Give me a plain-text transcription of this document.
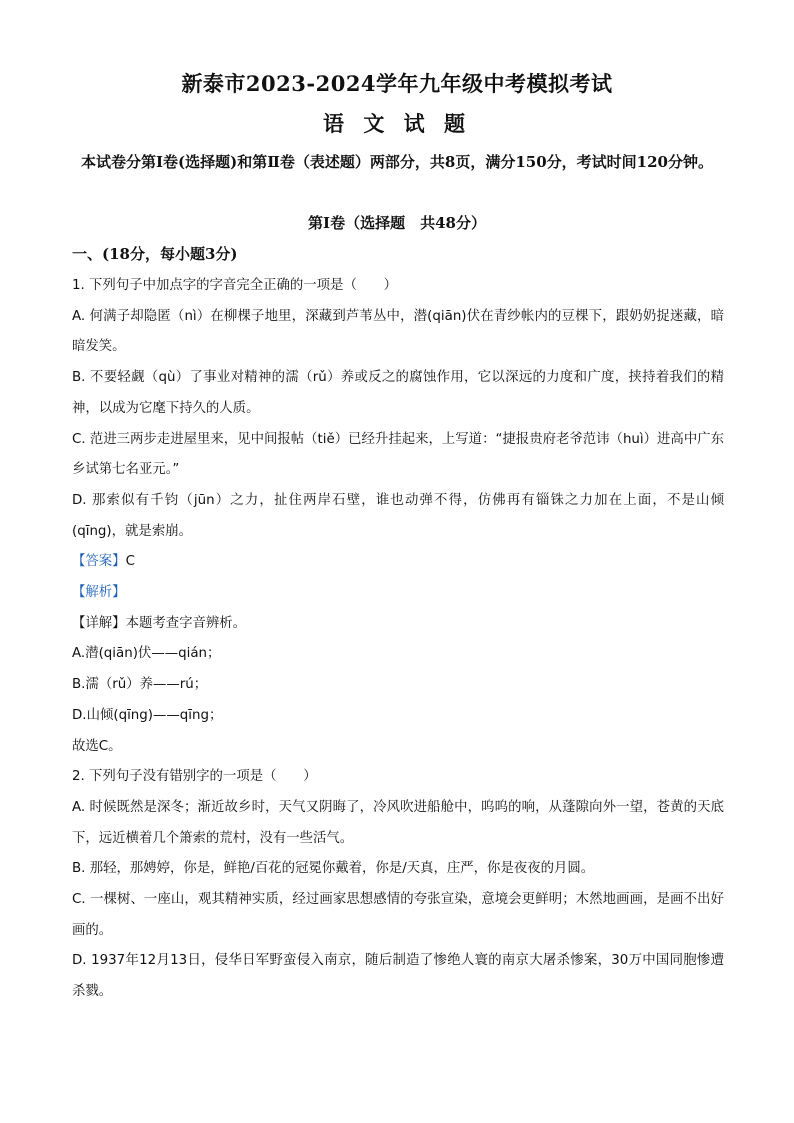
新泰市2023-2024学年九年级中考模拟考试
语 文 试 题
本试卷分第Ⅰ卷(选择题)和第Ⅱ卷（表述题）两部分，共8页，满分150分，考试时间120分钟。
第Ⅰ卷（选择题　共48分）
一、(18分，每小题3分)

1. 下列句子中加点字的字音完全正确的一项是（　　）

A. 何满子却隐匿（nì）在柳棵子地里，深藏到芦苇丛中，潜(qiān)伏在青纱帐内的豆棵下，跟奶奶捉迷藏，暗暗发笑。

B. 不要轻觑（qù）了事业对精神的濡（rǔ）养或反之的腐蚀作用，它以深远的力度和广度，挟持着我们的精神，以成为它麾下持久的人质。

C. 范进三两步走进屋里来，见中间报帖（tiě）已经升挂起来，上写道：“捷报贵府老爷范讳（huì）进高中广东乡试第七名亚元。”

D. 那索似有千钧（jūn）之力，扯住两岸石壁，谁也动弹不得，仿佛再有锱铢之力加在上面，不是山倾(qīng)，就是索崩。

【答案】C

【解析】

【详解】本题考查字音辨析。

A.潜(qiān)伏——qián；

B.濡（rǔ）养——rú；

D.山倾(qīng)——qīng；

故选C。

2. 下列句子没有错别字的一项是（　　）

A. 时候既然是深冬；渐近故乡时，天气又阴晦了，冷风吹进船舱中，呜呜的响，从蓬隙向外一望，苍黄的天底下，远近横着几个箫索的荒村，没有一些活气。

B. 那轻，那娉婷，你是，鲜艳/百花的冠冕你戴着，你是/天真，庄严，你是夜夜的月圆。

C. 一棵树、一座山，观其精神实质，经过画家思想感情的夸张宣染，意境会更鲜明；木然地画画，是画不出好画的。

D. 1937年12月13日，侵华日军野蛮侵入南京，随后制造了惨绝人寰的南京大屠杀惨案，30万中国同胞惨遭杀戮。
